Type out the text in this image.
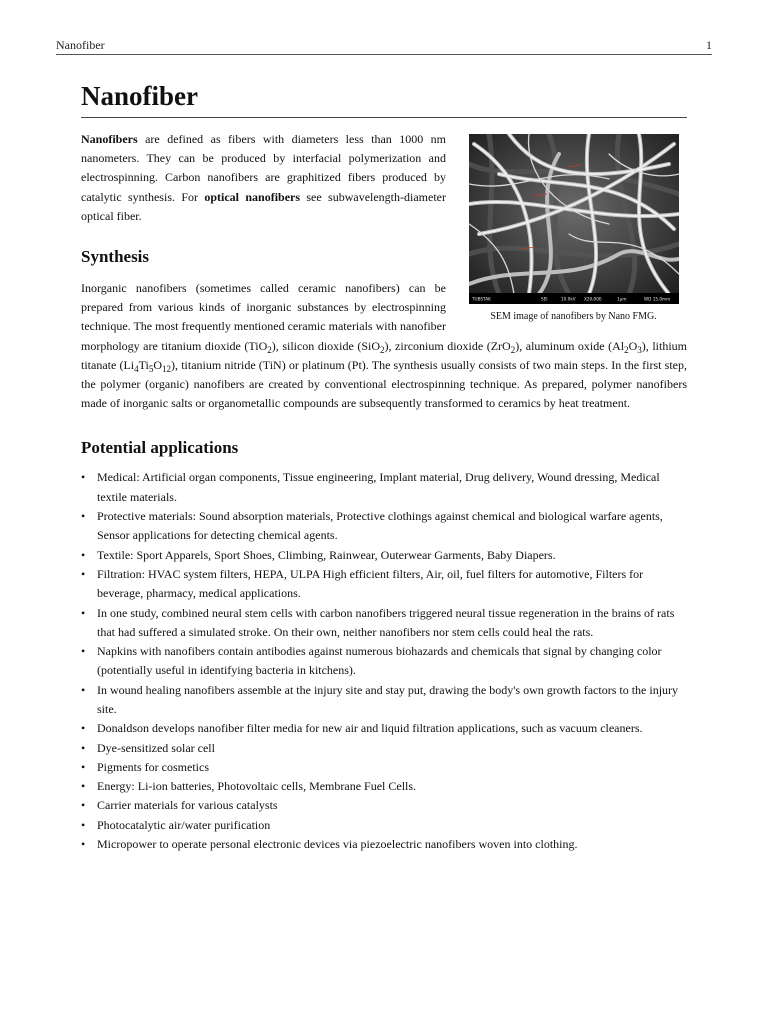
Nanofiber	1
Nanofiber
TUBSTAK	SEI	10.0kV X20,000	1μm	WD 15.0mm
SEM image of nanofibers by Nano FMG.

Nanofibers are defined as fibers with diameters less than 1000 nm nanometers. They can be produced by interfacial polymerization and electrospinning. Carbon nanofibers are graphitized fibers produced by catalytic synthesis. For optical nanofibers see subwavelength-diameter optical fiber.

Synthesis

Inorganic nanofibers (sometimes called ceramic nanofibers) can be prepared from various kinds of inorganic substances by electrospinning technique. The most frequently mentioned ceramic materials with nanofiber morphology are titanium dioxide (TiO$_2$), silicon dioxide (SiO$_2$), zirconium dioxide (ZrO$_2$), aluminum oxide $(Al_2O_3)$, lithium titanate $(Li_4Ti_5O_{12})$, titanium nitride (TiN) or platinum (Pt). The synthesis usually consists of two main steps. In the first step, the polymer (organic) nanofibers are created by conventional electrospinning technique. As prepared, polymer nanofibers made of inorganic salts or organometallic compounds are subsequently transformed to ceramics by heat treatment.

Potential applications
• Medical: Artificial organ components, Tissue engineering, Implant material, Drug delivery, Wound dressing, Medical textile materials.
• Protective materials: Sound absorption materials, Protective clothings against chemical and biological warfare agents, Sensor applications for detecting chemical agents.
• Textile: Sport Apparels, Sport Shoes, Climbing, Rainwear, Outerwear Garments, Baby Diapers.
• Filtration: HVAC system filters, HEPA, ULPA High efficient filters, Air, oil, fuel filters for automotive, Filters for beverage, pharmacy, medical applications.
• In one study, combined neural stem cells with carbon nanofibers triggered neural tissue regeneration in the brains of rats that had suffered a simulated stroke. On their own, neither nanofibers nor stem cells could heal the rats.
• Napkins with nanofibers contain antibodies against numerous biohazards and chemicals that signal by changing color (potentially useful in identifying bacteria in kitchens).
• In wound healing nanofibers assemble at the injury site and stay put, drawing the body's own growth factors to the injury site.
• Donaldson develops nanofiber filter media for new air and liquid filtration applications, such as vacuum cleaners.
• Dye-sensitized solar cell
• Pigments for cosmetics
• Energy: Li-ion batteries, Photovoltaic cells, Membrane Fuel Cells.
• Carrier materials for various catalysts
• Photocatalytic air/water purification
• Micropower to operate personal electronic devices via piezoelectric nanofibers woven into clothing.
